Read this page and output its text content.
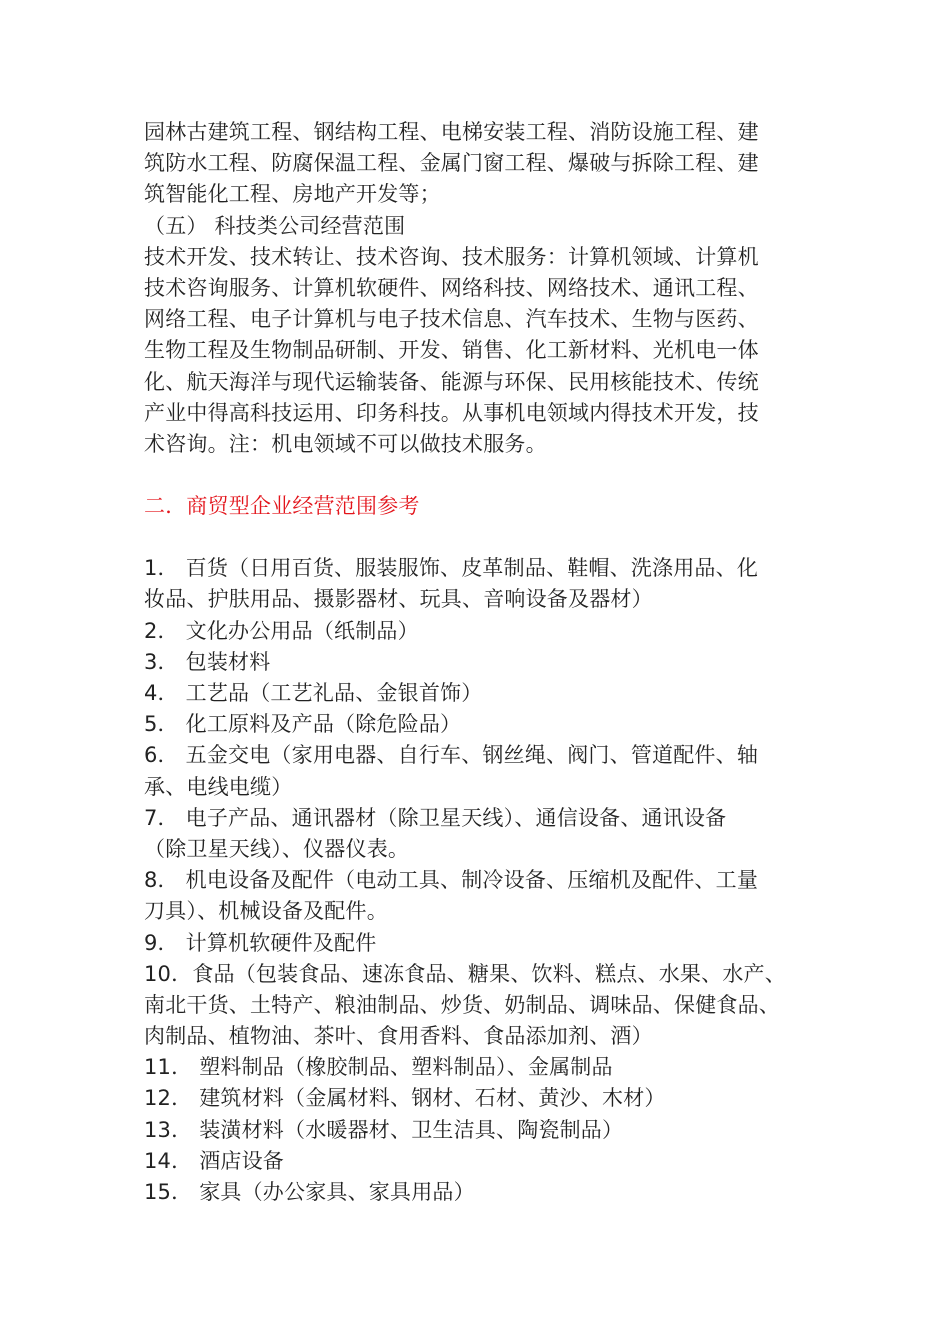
园林古建筑工程、钢结构工程、电梯安装工程、消防设施工程、建
筑防水工程、防腐保温工程、金属门窗工程、爆破与拆除工程、建
筑智能化工程、房地产开发等；
（五） 科技类公司经营范围
技术开发、技术转让、技术咨询、技术服务：计算机领域、计算机
技术咨询服务、计算机软硬件、网络科技、网络技术、通讯工程、
网络工程、电子计算机与电子技术信息、汽车技术、生物与医药、
生物工程及生物制品研制、开发、销售、化工新材料、光机电一体
化、航天海洋与现代运输装备、能源与环保、民用核能技术、传统
产业中得高科技运用、印务科技。从事机电领域内得技术开发，技
术咨询。注：机电领域不可以做技术服务。
二．商贸型企业经营范围参考
1． 百货（日用百货、服装服饰、皮革制品、鞋帽、洗涤用品、化
妆品、护肤用品、摄影器材、玩具、音响设备及器材）
2． 文化办公用品（纸制品）
3． 包装材料
4． 工艺品（工艺礼品、金银首饰）
5． 化工原料及产品（除危险品）
6． 五金交电（家用电器、自行车、钢丝绳、阀门、管道配件、轴
承、电线电缆）
7． 电子产品、通讯器材（除卫星天线）、通信设备、通讯设备
（除卫星天线）、仪器仪表。
8． 机电设备及配件（电动工具、制冷设备、压缩机及配件、工量
刀具）、机械设备及配件。
9． 计算机软硬件及配件
10．食品（包装食品、速冻食品、糖果、饮料、糕点、水果、水产、
南北干货、土特产、粮油制品、炒货、奶制品、调味品、保健食品、
肉制品、植物油、茶叶、食用香料、食品添加剂、酒）
11． 塑料制品（橡胶制品、塑料制品）、金属制品
12． 建筑材料（金属材料、钢材、石材、黄沙、木材）
13． 装潢材料（水暖器材、卫生洁具、陶瓷制品）
14． 酒店设备
15． 家具（办公家具、家具用品）
